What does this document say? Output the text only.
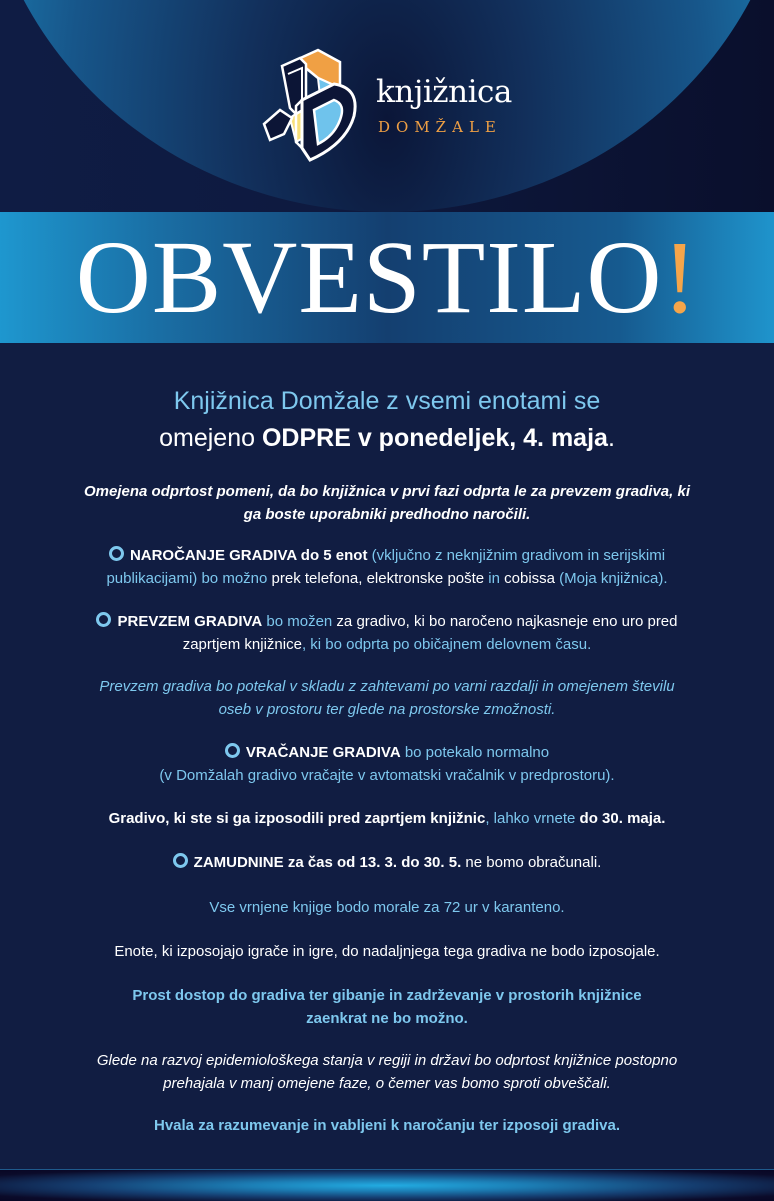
knjižnica
DOMŽALE
OBVESTILO!
Knjižnica Domžale z vsemi enotami se
omejeno ODPRE v ponedeljek, 4. maja.
Omejena odprtost pomeni, da bo knjižnica v prvi fazi odprta le za prevzem gradiva, ki
ga boste uporabniki predhodno naročili.
NAROČANJE GRADIVA do 5 enot (vključno z neknjižnim gradivom in serijskimi
publikacijami) bo možno prek telefona, elektronske pošte in cobissa (Moja knjižnica).
PREVZEM GRADIVA bo možen za gradivo, ki bo naročeno najkasneje eno uro pred
zaprtjem knjižnice, ki bo odprta po običajnem delovnem času.
Prevzem gradiva bo potekal v skladu z zahtevami po varni razdalji in omejenem številu
oseb v prostoru ter glede na prostorske zmožnosti.
VRAČANJE GRADIVA bo potekalo normalno
(v Domžalah gradivo vračajte v avtomatski vračalnik v predprostoru).
Gradivo, ki ste si ga izposodili pred zaprtjem knjižnic, lahko vrnete do 30. maja.
ZAMUDNINE za čas od 13. 3. do 30. 5. ne bomo obračunali.
Vse vrnjene knjige bodo morale za 72 ur v karanteno.
Enote, ki izposojajo igrače in igre, do nadaljnjega tega gradiva ne bodo izposojale.
Prost dostop do gradiva ter gibanje in zadrževanje v prostorih knjižnice
zaenkrat ne bo možno.
Glede na razvoj epidemiološkega stanja v regiji in državi bo odprtost knjižnice postopno
prehajala v manj omejene faze, o čemer vas bomo sproti obveščali.
Hvala za razumevanje in vabljeni k naročanju ter izposoji gradiva.
